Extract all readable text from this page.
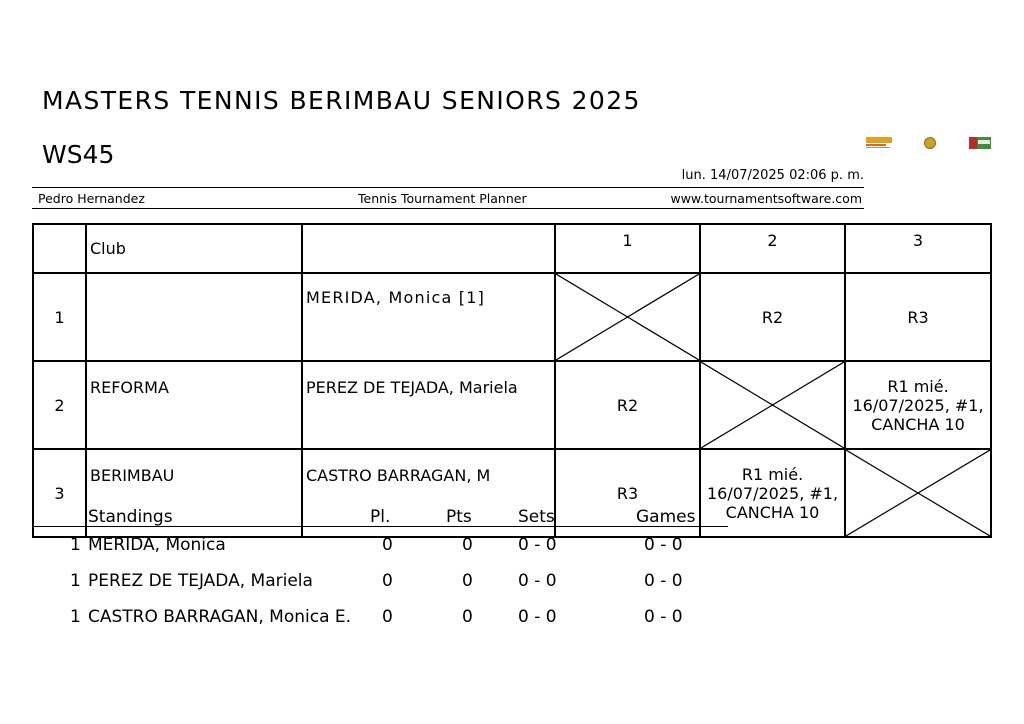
MASTERS TENNIS BERIMBAU SENIORS 2025
WS45
lun. 14/07/2025 02:06 p. m.
Pedro Hernandez	Tennis Tournament Planner	www.tournamentsoftware.com
	Club		1	2	3
1		MERIDA, Monica [1]		R2	R3
2	REFORMA	PEREZ DE TEJADA, Mariela	R2		R1 mié.
16/07/2025, #1,
CANCHA 10
3	BERIMBAU	CASTRO BARRAGAN, M	R3	R1 mié.
16/07/2025, #1,
CANCHA 10	
Standings	Pl.	Pts	Sets	Games
1 MERIDA, Monica	0	0	0 - 0	0 - 0
1 PEREZ DE TEJADA, Mariela	0	0	0 - 0	0 - 0
1 CASTRO BARRAGAN, Monica E. 0	0	0 - 0	0 - 0
